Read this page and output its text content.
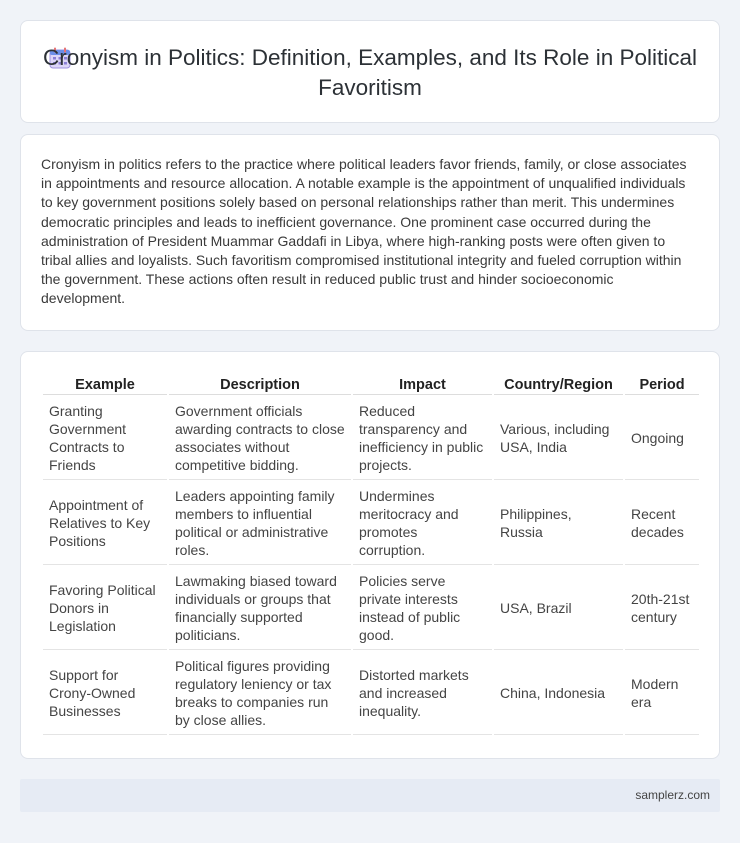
Cronyism in Politics: Definition, Examples, and Its Role in Political Favoritism

Cronyism in politics refers to the practice where political leaders favor friends, family, or close associates in appointments and resource allocation. A notable example is the appointment of unqualified individuals to key government positions solely based on personal relationships rather than merit. This undermines democratic principles and leads to inefficient governance. One prominent case occurred during the administration of President Muammar Gaddafi in Libya, where high-ranking posts were often given to tribal allies and loyalists. Such favoritism compromised institutional integrity and fueled corruption within the government. These actions often result in reduced public trust and hinder socioeconomic development.

Example	Description	Impact	Country/Region	Period
Granting Government Contracts to Friends	Government officials awarding contracts to close associates without competitive bidding.	Reduced transparency and inefficiency in public projects.	Various, including USA, India	Ongoing
Appointment of Relatives to Key Positions	Leaders appointing family members to influential political or administrative roles.	Undermines meritocracy and promotes corruption.	Philippines, Russia	Recent decades
Favoring Political Donors in Legislation	Lawmaking biased toward individuals or groups that financially supported politicians.	Policies serve private interests instead of public good.	USA, Brazil	20th-21st century
Support for Crony-Owned Businesses	Political figures providing regulatory leniency or tax breaks to companies run by close allies.	Distorted markets and increased inequality.	China, Indonesia	Modern era
samplerz.com
